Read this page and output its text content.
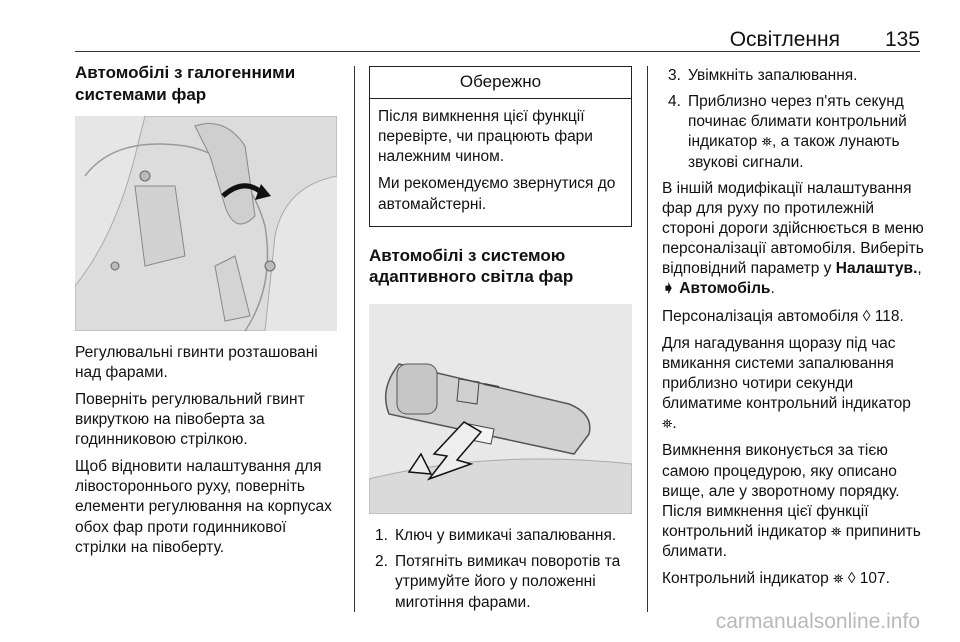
Освітлення 135
Автомобілі з галогенними системами фар

Регулювальні гвинти розташовані над фарами.

Поверніть регулювальний гвинт викруткою на півоберта за годинниковою стрілкою.

Щоб відновити налаштування для лівостороннього руху, поверніть елементи регулювання на корпусах обох фар проти годинникової стрілки на півоберту.

Обережно

Після вимкнення цієї функції перевірте, чи працюють фари належним чином.

Ми рекомендуємо звернутися до автомайстерні.

Автомобілі з системою адаптивного світла фар
1. Ключ у вимикачі запалювання.
2. Потягніть вимикач поворотів та утримуйте його у положенні миготіння фарами.
3. Увімкніть запалювання.
4. Приблизно через п'ять секунд починає блимати контрольний індикатор ⛯, а також лунають звукові сигнали.

В іншій модифікації налаштування фар для руху по протилежній стороні дороги здійснюється в меню персоналізації автомобіля. Виберіть відповідний параметр у Налаштув., ➧ Автомобіль.

Персоналізація автомобіля ◊ 118.

Для нагадування щоразу під час вмикання системи запалювання приблизно чотири секунди блиматиме контрольний індикатор ⛯.

Вимкнення виконується за тією самою процедурою, яку описано вище, але у зворотному порядку. Після вимкнення цієї функції контрольний індикатор ⛯ припинить блимати.

Контрольний індикатор ⛯ ◊ 107.

carmanualsonline.info
